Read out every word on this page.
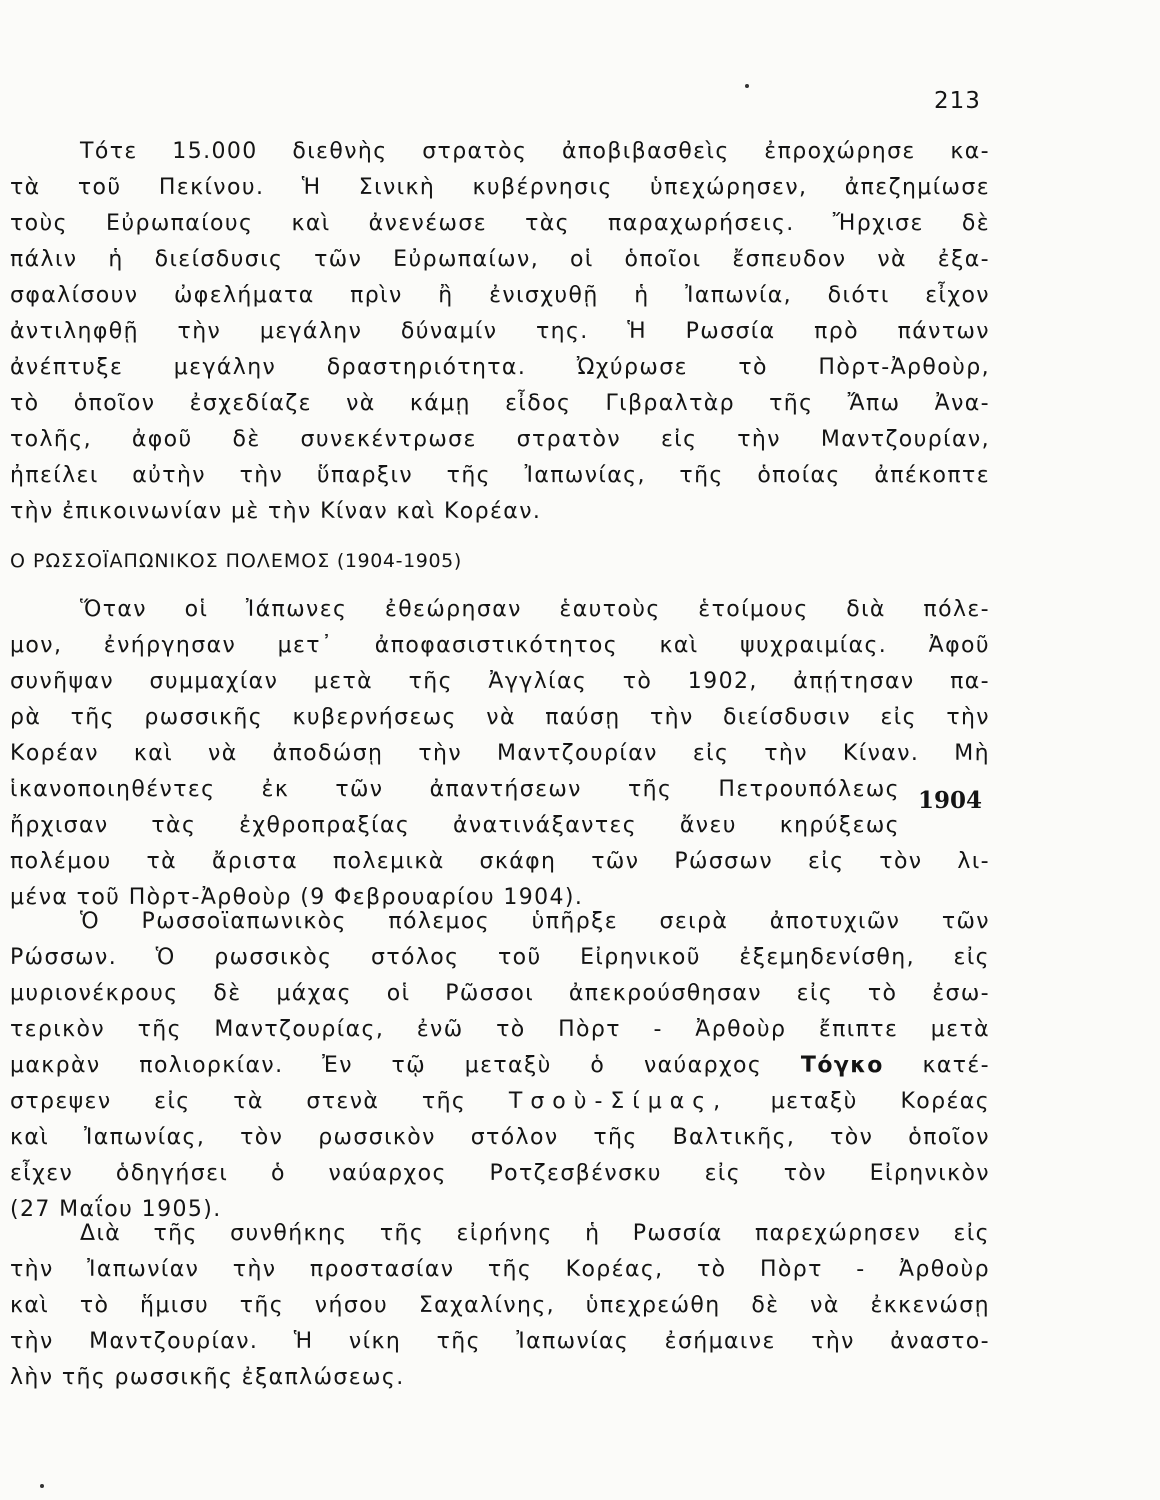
213
Τότε 15.000 διεθνὴς στρατὸς ἀποβιβασθεὶς ἐπροχώρησε κα-
τὰ τοῦ Πεκίνου. Ἡ Σινικὴ κυβέρνησις ὑπεχώρησεν, ἀπεζημίωσε
τοὺς Εὐρωπαίους καὶ ἀνενέωσε τὰς παραχωρήσεις. Ἤρχισε δὲ
πάλιν ἡ διείσδυσις τῶν Εὐρωπαίων, οἱ ὁποῖοι ἔσπευδον νὰ ἐξα-
σφαλίσουν ὠφελήματα πρὶν ἢ ἐνισχυθῇ ἡ Ἰαπωνία, διότι εἶχον
ἀντιληφθῇ τὴν μεγάλην δύναμίν της. Ἡ Ρωσσία πρὸ πάντων
ἀνέπτυξε μεγάλην δραστηριότητα. Ὠχύρωσε τὸ Πὸρτ-Ἀρθοὺρ,
τὸ ὁποῖον ἐσχεδίαζε νὰ κάμῃ εἶδος Γιβραλτὰρ τῆς Ἄπω Ἀνα-
τολῆς, ἀφοῦ δὲ συνεκέντρωσε στρατὸν εἰς τὴν Μαντζουρίαν,
ἠπείλει αὐτὴν τὴν ὕπαρξιν τῆς Ἰαπωνίας, τῆς ὁποίας ἀπέκοπτε
τὴν ἐπικοινωνίαν μὲ τὴν Κίναν καὶ Κορέαν.
Ο ΡΩΣΣΟΪΑΠΩΝΙΚΟΣ ΠΟΛΕΜΟΣ (1904-1905)
Ὅταν οἱ Ἰάπωνες ἐθεώρησαν ἑαυτοὺς ἑτοίμους διὰ πόλε-
μον, ἐνήργησαν μετ᾿ ἀποφασιστικότητος καὶ ψυχραιμίας. Ἀφοῦ
συνῆψαν συμμαχίαν μετὰ τῆς Ἀγγλίας τὸ 1902, ἀπῄτησαν πα-
ρὰ τῆς ρωσσικῆς κυβερνήσεως νὰ παύσῃ τὴν διείσδυσιν εἰς τὴν
Κορέαν καὶ νὰ ἀποδώσῃ τὴν Μαντζουρίαν εἰς τὴν Κίναν. Μὴ
ἱκανοποιηθέντες ἐκ τῶν ἀπαντήσεων τῆς Πετρουπόλεως
ἤρχισαν τὰς ἐχθροπραξίας ἀνατινάξαντες ἄνευ κηρύξεως
πολέμου τὰ ἄριστα πολεμικὰ σκάφη τῶν Ρώσσων εἰς τὸν λι-
μένα τοῦ Πὸρτ-Ἀρθοὺρ (9 Φεβρουαρίου 1904).
1904
Ὁ Ρωσσοϊαπωνικὸς πόλεμος ὑπῆρξε σειρὰ ἀποτυχιῶν τῶν
Ρώσσων. Ὁ ρωσσικὸς στόλος τοῦ Εἰρηνικοῦ ἐξεμηδενίσθη, εἰς
μυριονέκρους δὲ μάχας οἱ Ρῶσσοι ἀπεκρούσθησαν εἰς τὸ ἐσω-
τερικὸν τῆς Μαντζουρίας, ἐνῶ τὸ Πὸρτ - Ἀρθοὺρ ἔπιπτε μετὰ
μακρὰν πολιορκίαν. Ἐν τῷ μεταξὺ ὁ ναύαρχος Τόγκο κατέ-
στρεψεν εἰς τὰ στενὰ τῆς Τσοὺ-Σίμας, μεταξὺ Κορέας
καὶ Ἰαπωνίας, τὸν ρωσσικὸν στόλον τῆς Βαλτικῆς, τὸν ὁποῖον
εἶχεν ὁδηγήσει ὁ ναύαρχος Ροτζεσβένσκυ εἰς τὸν Εἰρηνικὸν
(27 Μαΐου 1905).
Διὰ τῆς συνθήκης τῆς εἰρήνης ἡ Ρωσσία παρεχώρησεν εἰς
τὴν Ἰαπωνίαν τὴν προστασίαν τῆς Κορέας, τὸ Πὸρτ - Ἀρθοὺρ
καὶ τὸ ἥμισυ τῆς νήσου Σαχαλίνης, ὑπεχρεώθη δὲ νὰ ἐκκενώσῃ
τὴν Μαντζουρίαν. Ἡ νίκη τῆς Ἰαπωνίας ἐσήμαινε τὴν ἀναστο-
λὴν τῆς ρωσσικῆς ἐξαπλώσεως.
